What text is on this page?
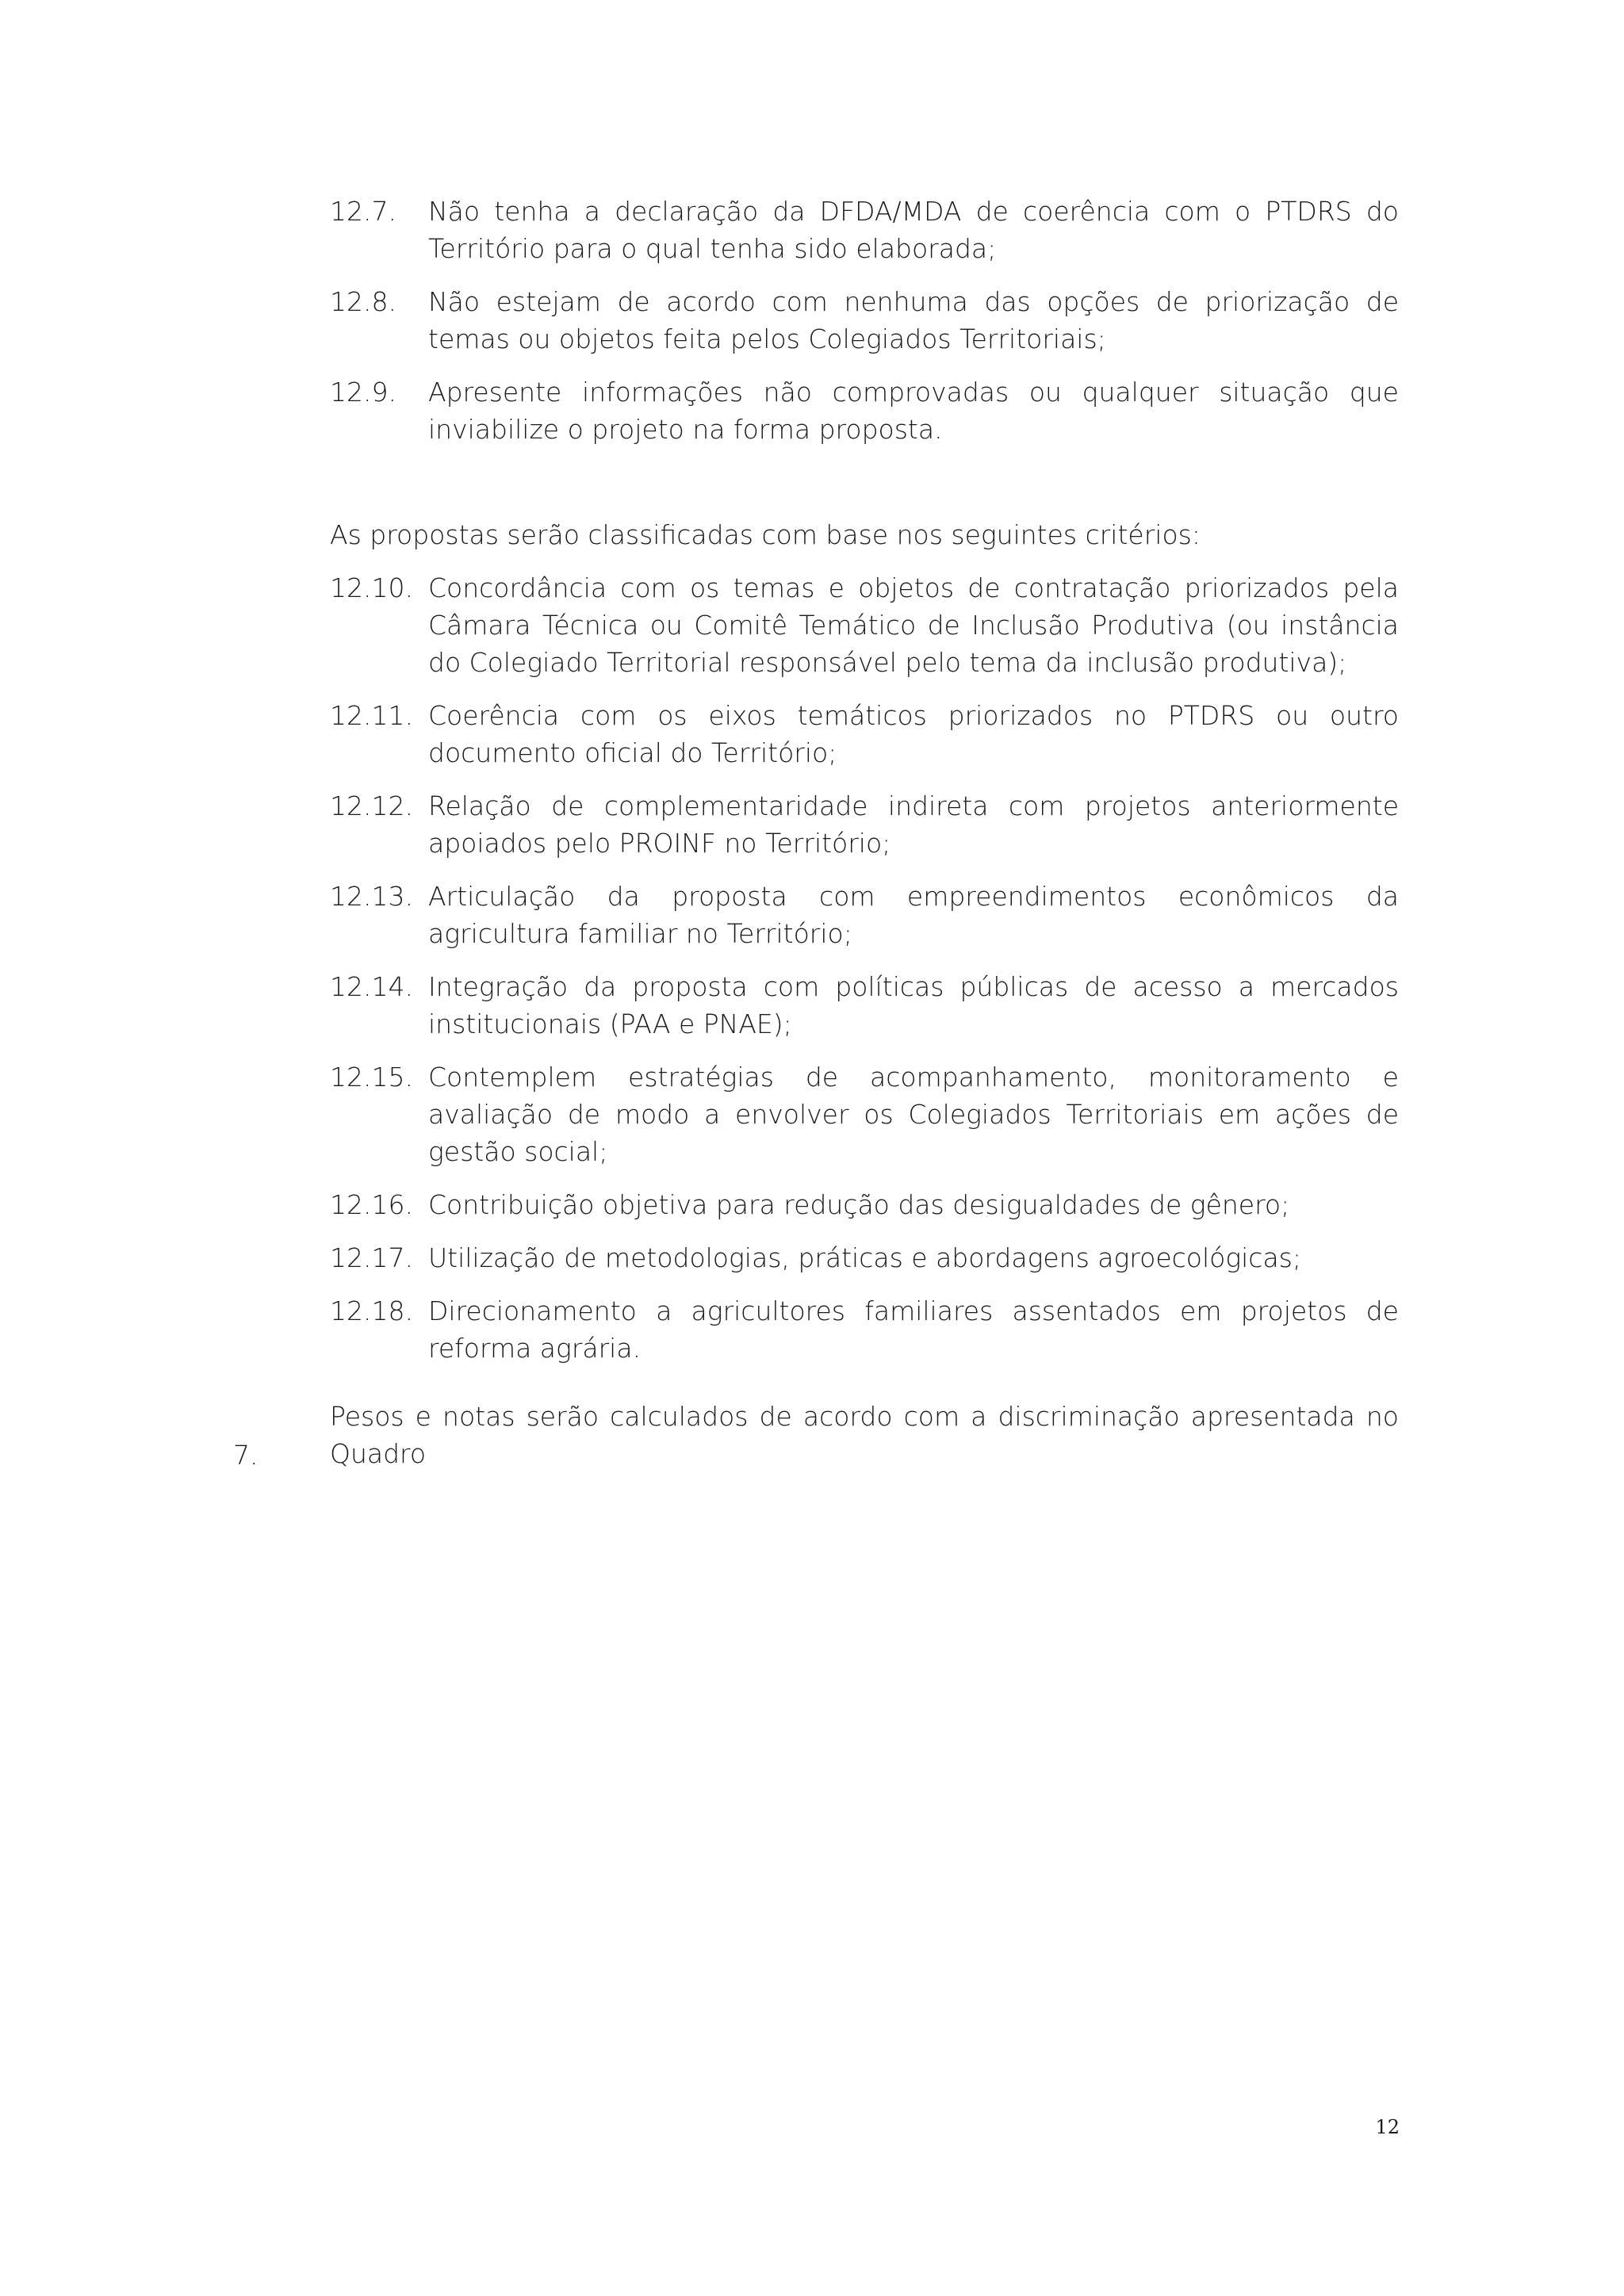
12.7.	Não tenha a declaração da DFDA/MDA de coerência com o PTDRS do Território para o qual tenha sido elaborada;
12.8.	Não estejam de acordo com nenhuma das opções de priorização de temas ou objetos feita pelos Colegiados Territoriais;
12.9.	Apresente informações não comprovadas ou qualquer situação que inviabilize o projeto na forma proposta.
As propostas serão classificadas com base nos seguintes critérios:
12.10. Concordância com os temas e objetos de contratação priorizados pela Câmara Técnica ou Comitê Temático de Inclusão Produtiva (ou instância do Colegiado Territorial responsável pelo tema da inclusão produtiva);
12.11. Coerência com os eixos temáticos priorizados no PTDRS ou outro documento oficial do Território;
12.12. Relação de complementaridade indireta com projetos anteriormente apoiados pelo PROINF no Território;
12.13. Articulação da proposta com empreendimentos econômicos da agricultura familiar no Território;
12.14. Integração da proposta com políticas públicas de acesso a mercados institucionais (PAA e PNAE);
12.15. Contemplem estratégias de acompanhamento, monitoramento e avaliação de modo a envolver os Colegiados Territoriais em ações de gestão social;
12.16. Contribuição objetiva para redução das desigualdades de gênero;
12.17. Utilização de metodologias, práticas e abordagens agroecológicas;
12.18. Direcionamento a agricultores familiares assentados em projetos de reforma agrária.
Pesos e notas serão calculados de acordo com a discriminação apresentada no Quadro
7.
12
